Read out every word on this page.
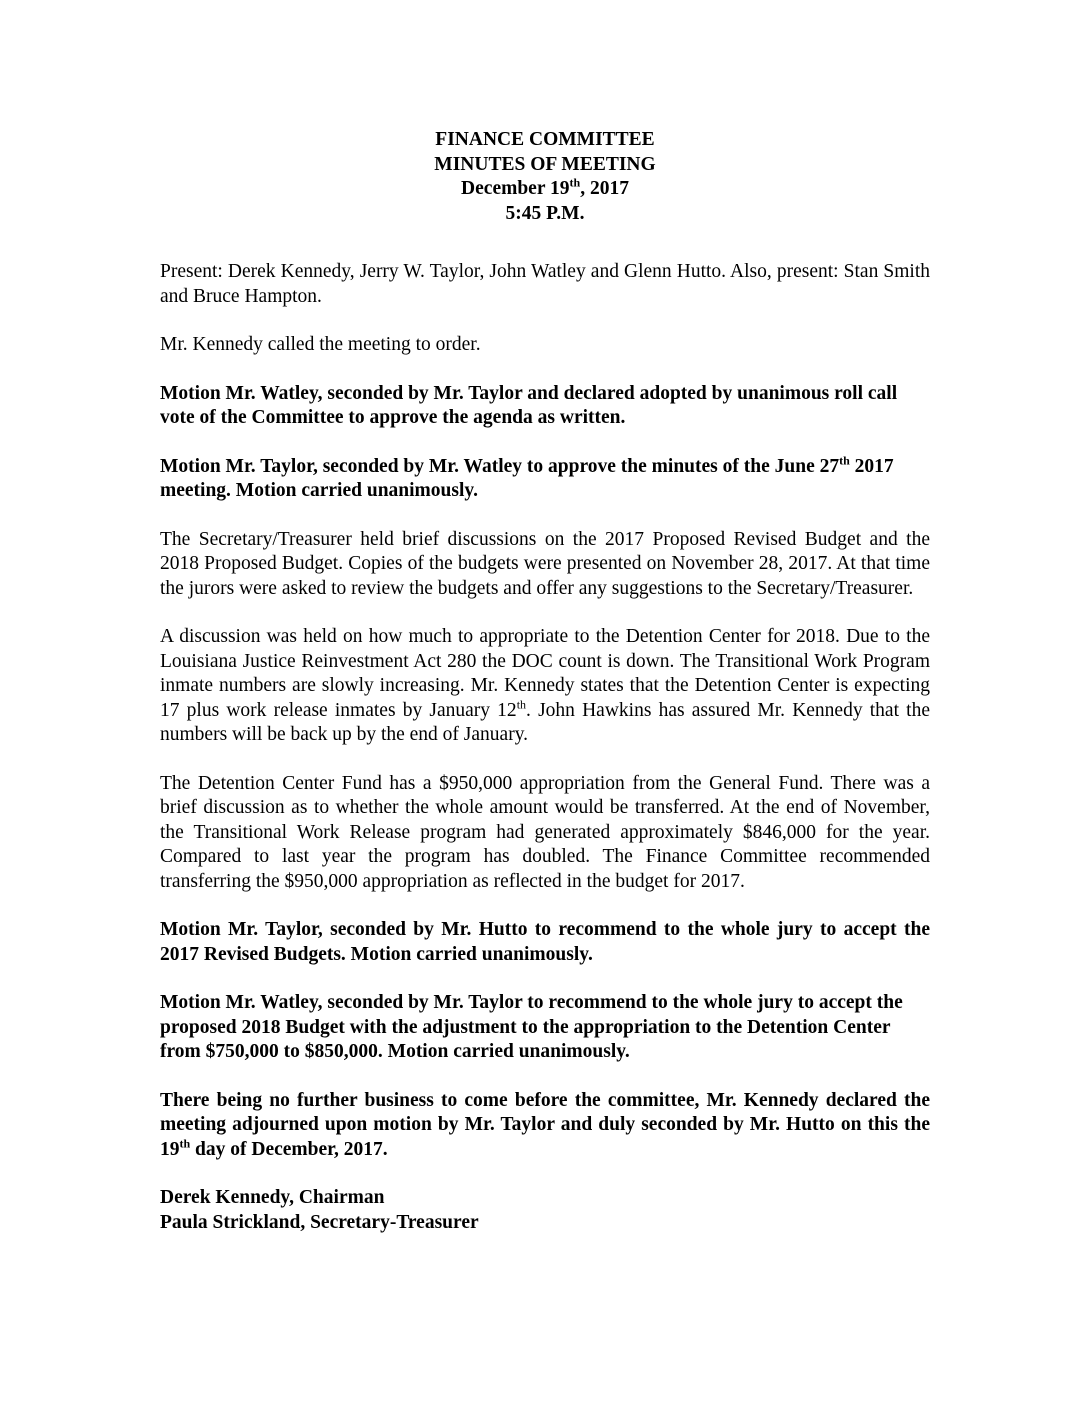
FINANCE COMMITTEE
MINUTES OF MEETING
December 19th, 2017
5:45 P.M.

Present: Derek Kennedy, Jerry W. Taylor, John Watley and Glenn Hutto. Also, present: Stan Smith and Bruce Hampton.

Mr. Kennedy called the meeting to order.

Motion Mr. Watley, seconded by Mr. Taylor and declared adopted by unanimous roll call vote of the Committee to approve the agenda as written.

Motion Mr. Taylor, seconded by Mr. Watley to approve the minutes of the June 27th 2017 meeting. Motion carried unanimously.

The Secretary/Treasurer held brief discussions on the 2017 Proposed Revised Budget and the 2018 Proposed Budget. Copies of the budgets were presented on November 28, 2017. At that time the jurors were asked to review the budgets and offer any suggestions to the Secretary/Treasurer.

A discussion was held on how much to appropriate to the Detention Center for 2018. Due to the Louisiana Justice Reinvestment Act 280 the DOC count is down. The Transitional Work Program inmate numbers are slowly increasing. Mr. Kennedy states that the Detention Center is expecting 17 plus work release inmates by January 12th. John Hawkins has assured Mr. Kennedy that the numbers will be back up by the end of January.

The Detention Center Fund has a $950,000 appropriation from the General Fund. There was a brief discussion as to whether the whole amount would be transferred. At the end of November, the Transitional Work Release program had generated approximately $846,000 for the year. Compared to last year the program has doubled. The Finance Committee recommended transferring the $950,000 appropriation as reflected in the budget for 2017.

Motion Mr. Taylor, seconded by Mr. Hutto to recommend to the whole jury to accept the 2017 Revised Budgets. Motion carried unanimously.

Motion Mr. Watley, seconded by Mr. Taylor to recommend to the whole jury to accept the proposed 2018 Budget with the adjustment to the appropriation to the Detention Center from $750,000 to $850,000. Motion carried unanimously.

There being no further business to come before the committee, Mr. Kennedy declared the meeting adjourned upon motion by Mr. Taylor and duly seconded by Mr. Hutto on this the 19th day of December, 2017.

Derek Kennedy, Chairman

Paula Strickland, Secretary-Treasurer
